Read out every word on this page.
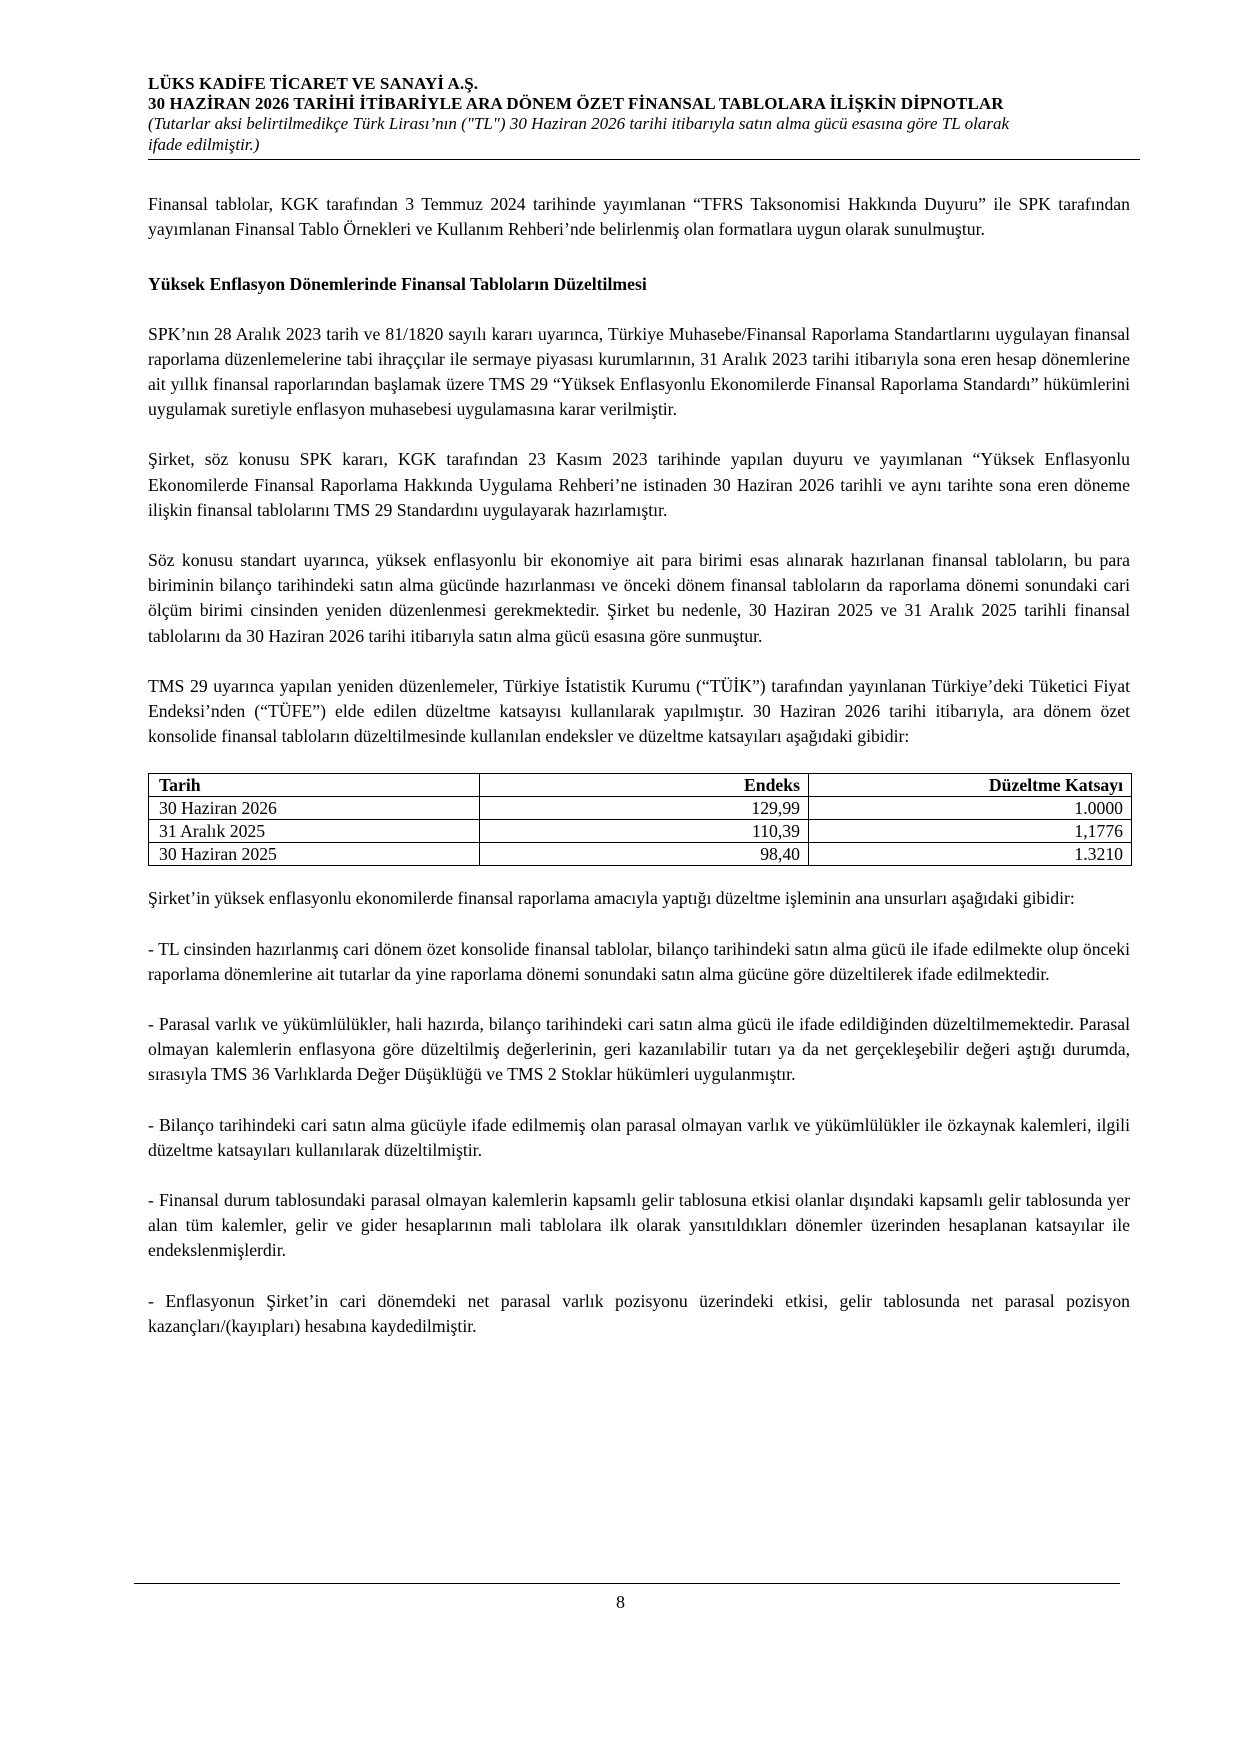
LÜKS KADİFE TİCARET VE SANAYİ A.Ş.
30 HAZİRAN 2026 TARİHİ İTİBARİYLE ARA DÖNEM ÖZET FİNANSAL TABLOLARA İLİŞKİN DİPNOTLAR
(Tutarlar aksi belirtilmedikçe Türk Lirası’nın ("TL") 30 Haziran 2026 tarihi itibarıyla satın alma gücü esasına göre TL olarak
ifade edilmiştir.)

Finansal tablolar, KGK tarafından 3 Temmuz 2024 tarihinde yayımlanan “TFRS Taksonomisi Hakkında Duyuru” ile SPK tarafından yayımlanan Finansal Tablo Örnekleri ve Kullanım Rehberi’nde belirlenmiş olan formatlara uygun olarak sunulmuştur.

Yüksek Enflasyon Dönemlerinde Finansal Tabloların Düzeltilmesi

SPK’nın 28 Aralık 2023 tarih ve 81/1820 sayılı kararı uyarınca, Türkiye Muhasebe/Finansal Raporlama Standartlarını uygulayan finansal raporlama düzenlemelerine tabi ihraççılar ile sermaye piyasası kurumlarının, 31 Aralık 2023 tarihi itibarıyla sona eren hesap dönemlerine ait yıllık finansal raporlarından başlamak üzere TMS 29 “Yüksek Enflasyonlu Ekonomilerde Finansal Raporlama Standardı” hükümlerini uygulamak suretiyle enflasyon muhasebesi uygulamasına karar verilmiştir.

Şirket, söz konusu SPK kararı, KGK tarafından 23 Kasım 2023 tarihinde yapılan duyuru ve yayımlanan “Yüksek Enflasyonlu Ekonomilerde Finansal Raporlama Hakkında Uygulama Rehberi’ne istinaden 30 Haziran 2026 tarihli ve aynı tarihte sona eren döneme ilişkin finansal tablolarını TMS 29 Standardını uygulayarak hazırlamıştır.

Söz konusu standart uyarınca, yüksek enflasyonlu bir ekonomiye ait para birimi esas alınarak hazırlanan finansal tabloların, bu para biriminin bilanço tarihindeki satın alma gücünde hazırlanması ve önceki dönem finansal tabloların da raporlama dönemi sonundaki cari ölçüm birimi cinsinden yeniden düzenlenmesi gerekmektedir. Şirket bu nedenle, 30 Haziran 2025 ve 31 Aralık 2025 tarihli finansal tablolarını da 30 Haziran 2026 tarihi itibarıyla satın alma gücü esasına göre sunmuştur.

TMS 29 uyarınca yapılan yeniden düzenlemeler, Türkiye İstatistik Kurumu (“TÜİK”) tarafından yayınlanan Türkiye’deki Tüketici Fiyat Endeksi’nden (“TÜFE”) elde edilen düzeltme katsayısı kullanılarak yapılmıştır. 30 Haziran 2026 tarihi itibarıyla, ara dönem özet konsolide finansal tabloların düzeltilmesinde kullanılan endeksler ve düzeltme katsayıları aşağıdaki gibidir:

Tarih	Endeks	Düzeltme Katsayı
30 Haziran 2026	129,99	1.0000
31 Aralık 2025	110,39	1,1776
30 Haziran 2025	98,40	1.3210

Şirket’in yüksek enflasyonlu ekonomilerde finansal raporlama amacıyla yaptığı düzeltme işleminin ana unsurları aşağıdaki gibidir:

- TL cinsinden hazırlanmış cari dönem özet konsolide finansal tablolar, bilanço tarihindeki satın alma gücü ile ifade edilmekte olup önceki raporlama dönemlerine ait tutarlar da yine raporlama dönemi sonundaki satın alma gücüne göre düzeltilerek ifade edilmektedir.

- Parasal varlık ve yükümlülükler, hali hazırda, bilanço tarihindeki cari satın alma gücü ile ifade edildiğinden düzeltilmemektedir. Parasal olmayan kalemlerin enflasyona göre düzeltilmiş değerlerinin, geri kazanılabilir tutarı ya da net gerçekleşebilir değeri aştığı durumda, sırasıyla TMS 36 Varlıklarda Değer Düşüklüğü ve TMS 2 Stoklar hükümleri uygulanmıştır.

- Bilanço tarihindeki cari satın alma gücüyle ifade edilmemiş olan parasal olmayan varlık ve yükümlülükler ile özkaynak kalemleri, ilgili düzeltme katsayıları kullanılarak düzeltilmiştir.

- Finansal durum tablosundaki parasal olmayan kalemlerin kapsamlı gelir tablosuna etkisi olanlar dışındaki kapsamlı gelir tablosunda yer alan tüm kalemler, gelir ve gider hesaplarının mali tablolara ilk olarak yansıtıldıkları dönemler üzerinden hesaplanan katsayılar ile endekslenmişlerdir.

- Enflasyonun Şirket’in cari dönemdeki net parasal varlık pozisyonu üzerindeki etkisi, gelir tablosunda net parasal pozisyon kazançları/(kayıpları) hesabına kaydedilmiştir.

8
